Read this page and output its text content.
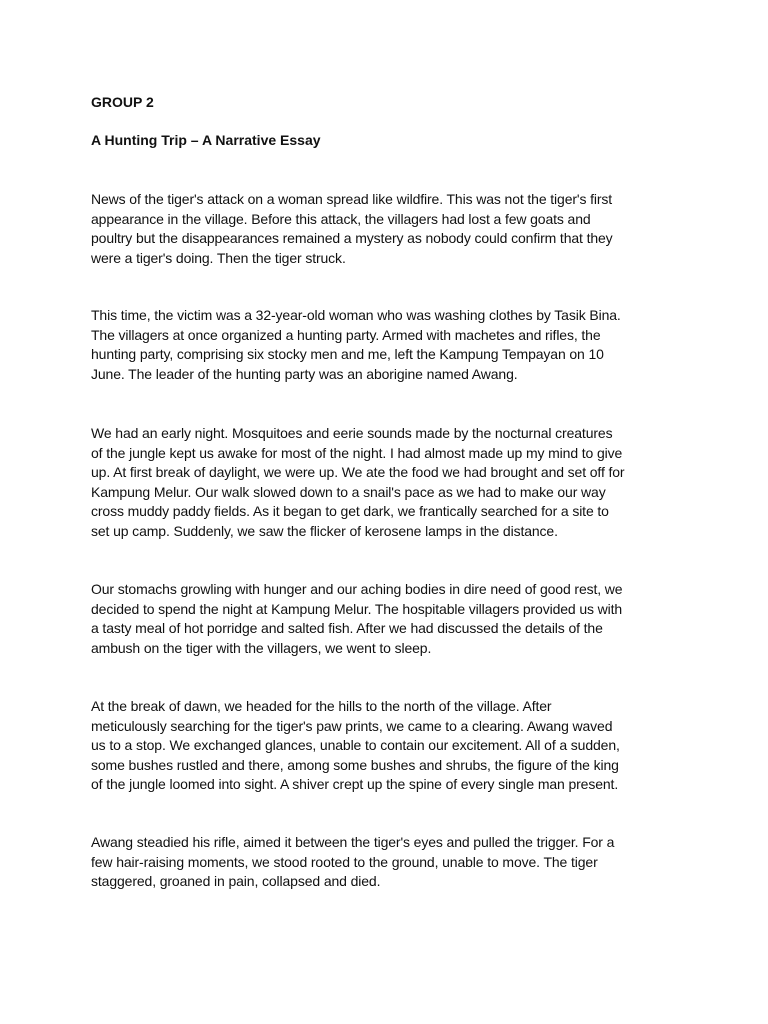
GROUP 2

A Hunting Trip – A Narrative Essay

News of the tiger's attack on a woman spread like wildfire. This was not the tiger's first
appearance in the village. Before this attack, the villagers had lost a few goats and
poultry but the disappearances remained a mystery as nobody could confirm that they
were a tiger's doing. Then the tiger struck.

This time, the victim was a 32-year-old woman who was washing clothes by Tasik Bina.
The villagers at once organized a hunting party. Armed with machetes and rifles, the
hunting party, comprising six stocky men and me, left the Kampung Tempayan on 10
June. The leader of the hunting party was an aborigine named Awang.

We had an early night. Mosquitoes and eerie sounds made by the nocturnal creatures
of the jungle kept us awake for most of the night. I had almost made up my mind to give
up. At first break of daylight, we were up. We ate the food we had brought and set off for
Kampung Melur. Our walk slowed down to a snail's pace as we had to make our way
cross muddy paddy fields. As it began to get dark, we frantically searched for a site to
set up camp. Suddenly, we saw the flicker of kerosene lamps in the distance.

Our stomachs growling with hunger and our aching bodies in dire need of good rest, we
decided to spend the night at Kampung Melur. The hospitable villagers provided us with
a tasty meal of hot porridge and salted fish. After we had discussed the details of the
ambush on the tiger with the villagers, we went to sleep.

At the break of dawn, we headed for the hills to the north of the village. After
meticulously searching for the tiger's paw prints, we came to a clearing. Awang waved
us to a stop. We exchanged glances, unable to contain our excitement. All of a sudden,
some bushes rustled and there, among some bushes and shrubs, the figure of the king
of the jungle loomed into sight. A shiver crept up the spine of every single man present.

Awang steadied his rifle, aimed it between the tiger's eyes and pulled the trigger. For a
few hair-raising moments, we stood rooted to the ground, unable to move. The tiger
staggered, groaned in pain, collapsed and died.
